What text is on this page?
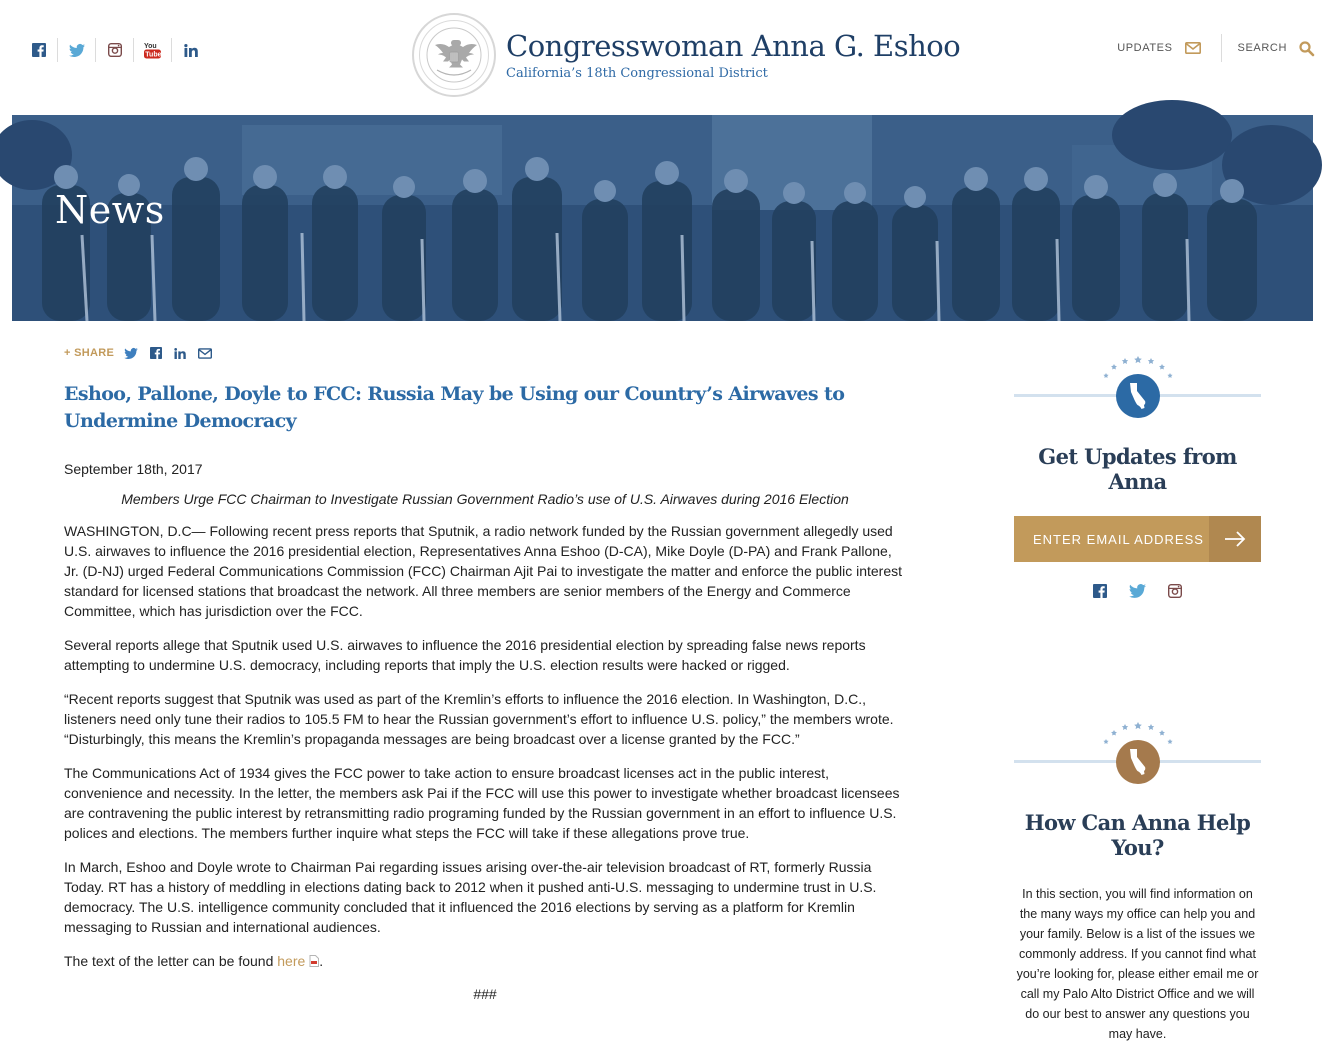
You
Tube	Congresswoman Anna G. Eshoo
California’s 18th Congressional District
UPDATES	SEARCH
News
+ SHARE
Eshoo, Pallone, Doyle to FCC: Russia May be Using our Country’s Airwaves to Undermine Democracy
September 18th, 2017
Members Urge FCC Chairman to Investigate Russian Government Radio’s use of U.S. Airwaves during 2016 Election

WASHINGTON, D.C— Following recent press reports that Sputnik, a radio network funded by the Russian government allegedly used U.S. airwaves to influence the 2016 presidential election, Representatives Anna Eshoo (D-CA), Mike Doyle (D-PA) and Frank Pallone, Jr. (D-NJ) urged Federal Communications Commission (FCC) Chairman Ajit Pai to investigate the matter and enforce the public interest standard for licensed stations that broadcast the network. All three members are senior members of the Energy and Commerce Committee, which has jurisdiction over the FCC.

Several reports allege that Sputnik used U.S. airwaves to influence the 2016 presidential election by spreading false news reports attempting to undermine U.S. democracy, including reports that imply the U.S. election results were hacked or rigged.

“Recent reports suggest that Sputnik was used as part of the Kremlin’s efforts to influence the 2016 election. In Washington, D.C., listeners need only tune their radios to 105.5 FM to hear the Russian government’s effort to influence U.S. policy,” the members wrote. “Disturbingly, this means the Kremlin’s propaganda messages are being broadcast over a license granted by the FCC.”

The Communications Act of 1934 gives the FCC power to take action to ensure broadcast licenses act in the public interest, convenience and necessity. In the letter, the members ask Pai if the FCC will use this power to investigate whether broadcast licensees are contravening the public interest by retransmitting radio programing funded by the Russian government in an effort to influence U.S. polices and elections. The members further inquire what steps the FCC will take if these allegations prove true.

In March, Eshoo and Doyle wrote to Chairman Pai regarding issues arising over-the-air television broadcast of RT, formerly Russia Today. RT has a history of meddling in elections dating back to 2012 when it pushed anti-U.S. messaging to undermine trust in U.S. democracy. The U.S. intelligence community concluded that it influenced the 2016 elections by serving as a platform for Kremlin messaging to Russian and international audiences.

The text of the letter can be found here .

###
Get Updates from Anna
ENTER EMAIL ADDRESS
How Can Anna Help You?

In this section, you will find information on the many ways my office can help you and your family. Below is a list of the issues we commonly address. If you cannot find what you’re looking for, please either email me or call my Palo Alto District Office and we will do our best to answer any questions you may have.
